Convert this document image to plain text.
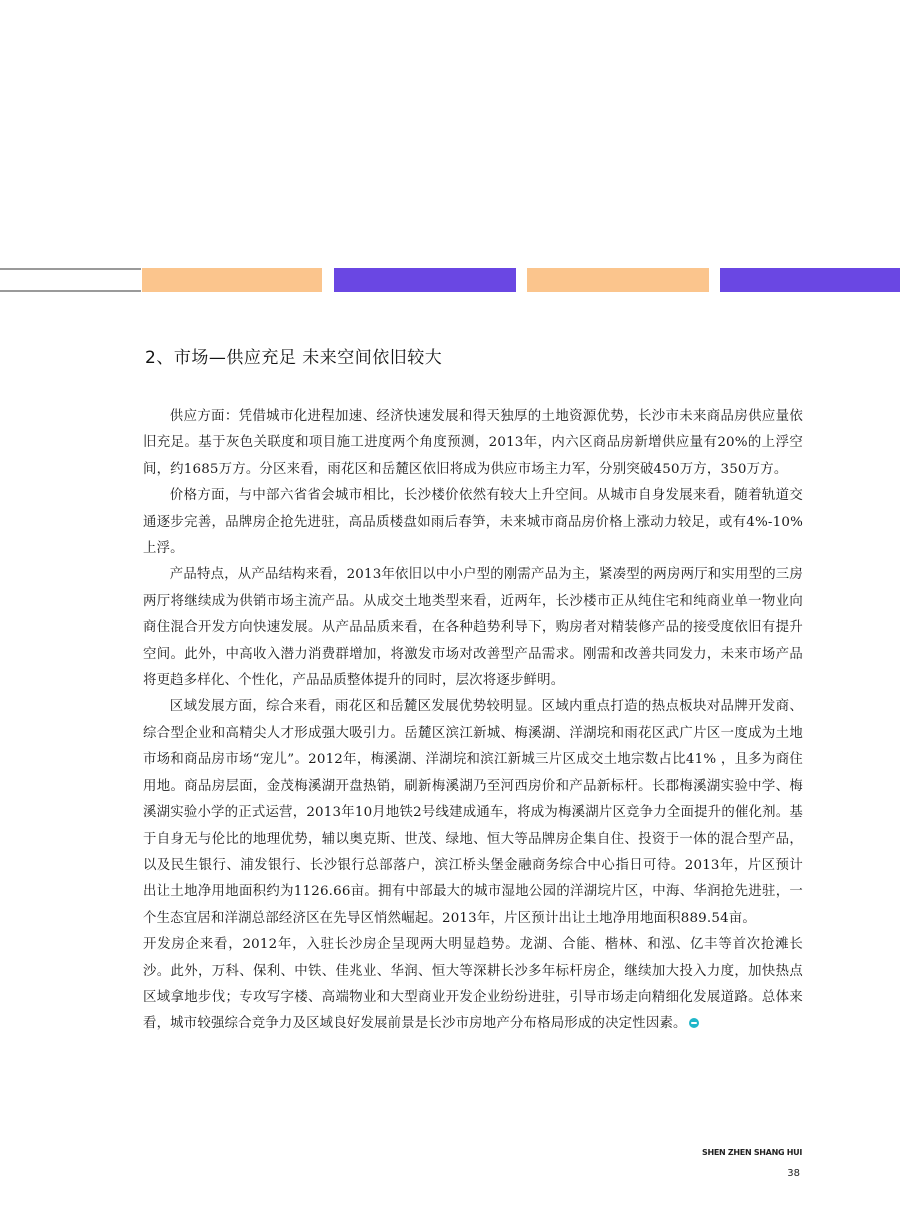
2、市场—供应充足 未来空间依旧较大

供应方面：凭借城市化进程加速、经济快速发展和得天独厚的土地资源优势，长沙市未来商品房供应量依旧充足。基于灰色关联度和项目施工进度两个角度预测，2013年，内六区商品房新增供应量有20%的上浮空间，约1685万方。分区来看，雨花区和岳麓区依旧将成为供应市场主力军，分别突破450万方，350万方。

价格方面，与中部六省省会城市相比，长沙楼价依然有较大上升空间。从城市自身发展来看，随着轨道交通逐步完善，品牌房企抢先进驻，高品质楼盘如雨后春笋，未来城市商品房价格上涨动力较足，或有4%-10% 上浮。

产品特点，从产品结构来看，2013年依旧以中小户型的刚需产品为主，紧凑型的两房两厅和实用型的三房两厅将继续成为供销市场主流产品。从成交土地类型来看，近两年，长沙楼市正从纯住宅和纯商业单一物业向商住混合开发方向快速发展。从产品品质来看，在各种趋势利导下，购房者对精装修产品的接受度依旧有提升空间。此外，中高收入潜力消费群增加，将激发市场对改善型产品需求。刚需和改善共同发力，未来市场产品将更趋多样化、个性化，产品品质整体提升的同时，层次将逐步鲜明。

区域发展方面，综合来看，雨花区和岳麓区发展优势较明显。区域内重点打造的热点板块对品牌开发商、综合型企业和高精尖人才形成强大吸引力。岳麓区滨江新城、梅溪湖、洋湖垸和雨花区武广片区一度成为土地市场和商品房市场“宠儿”。2012年，梅溪湖、洋湖垸和滨江新城三片区成交土地宗数占比41% ，且多为商住用地。商品房层面，金茂梅溪湖开盘热销，刷新梅溪湖乃至河西房价和产品新标杆。长郡梅溪湖实验中学、梅溪湖实验小学的正式运营，2013年10月地铁2号线建成通车，将成为梅溪湖片区竞争力全面提升的催化剂。基于自身无与伦比的地理优势，辅以奥克斯、世茂、绿地、恒大等品牌房企集自住、投资于一体的混合型产品，以及民生银行、浦发银行、长沙银行总部落户，滨江桥头堡金融商务综合中心指日可待。2013年，片区预计出让土地净用地面积约为1126.66亩。拥有中部最大的城市湿地公园的洋湖垸片区，中海、华润抢先进驻，一个生态宜居和洋湖总部经济区在先导区悄然崛起。2013年，片区预计出让土地净用地面积889.54亩。

开发房企来看，2012年，入驻长沙房企呈现两大明显趋势。龙湖、合能、楷林、和泓、亿丰等首次抢滩长沙。此外，万科、保利、中铁、佳兆业、华润、恒大等深耕长沙多年标杆房企，继续加大投入力度，加快热点区域拿地步伐；专攻写字楼、高端物业和大型商业开发企业纷纷进驻，引导市场走向精细化发展道路。总体来看，城市较强综合竞争力及区域良好发展前景是长沙市房地产分布格局形成的决定性因素。

SHEN ZHEN SHANG HUI
38
